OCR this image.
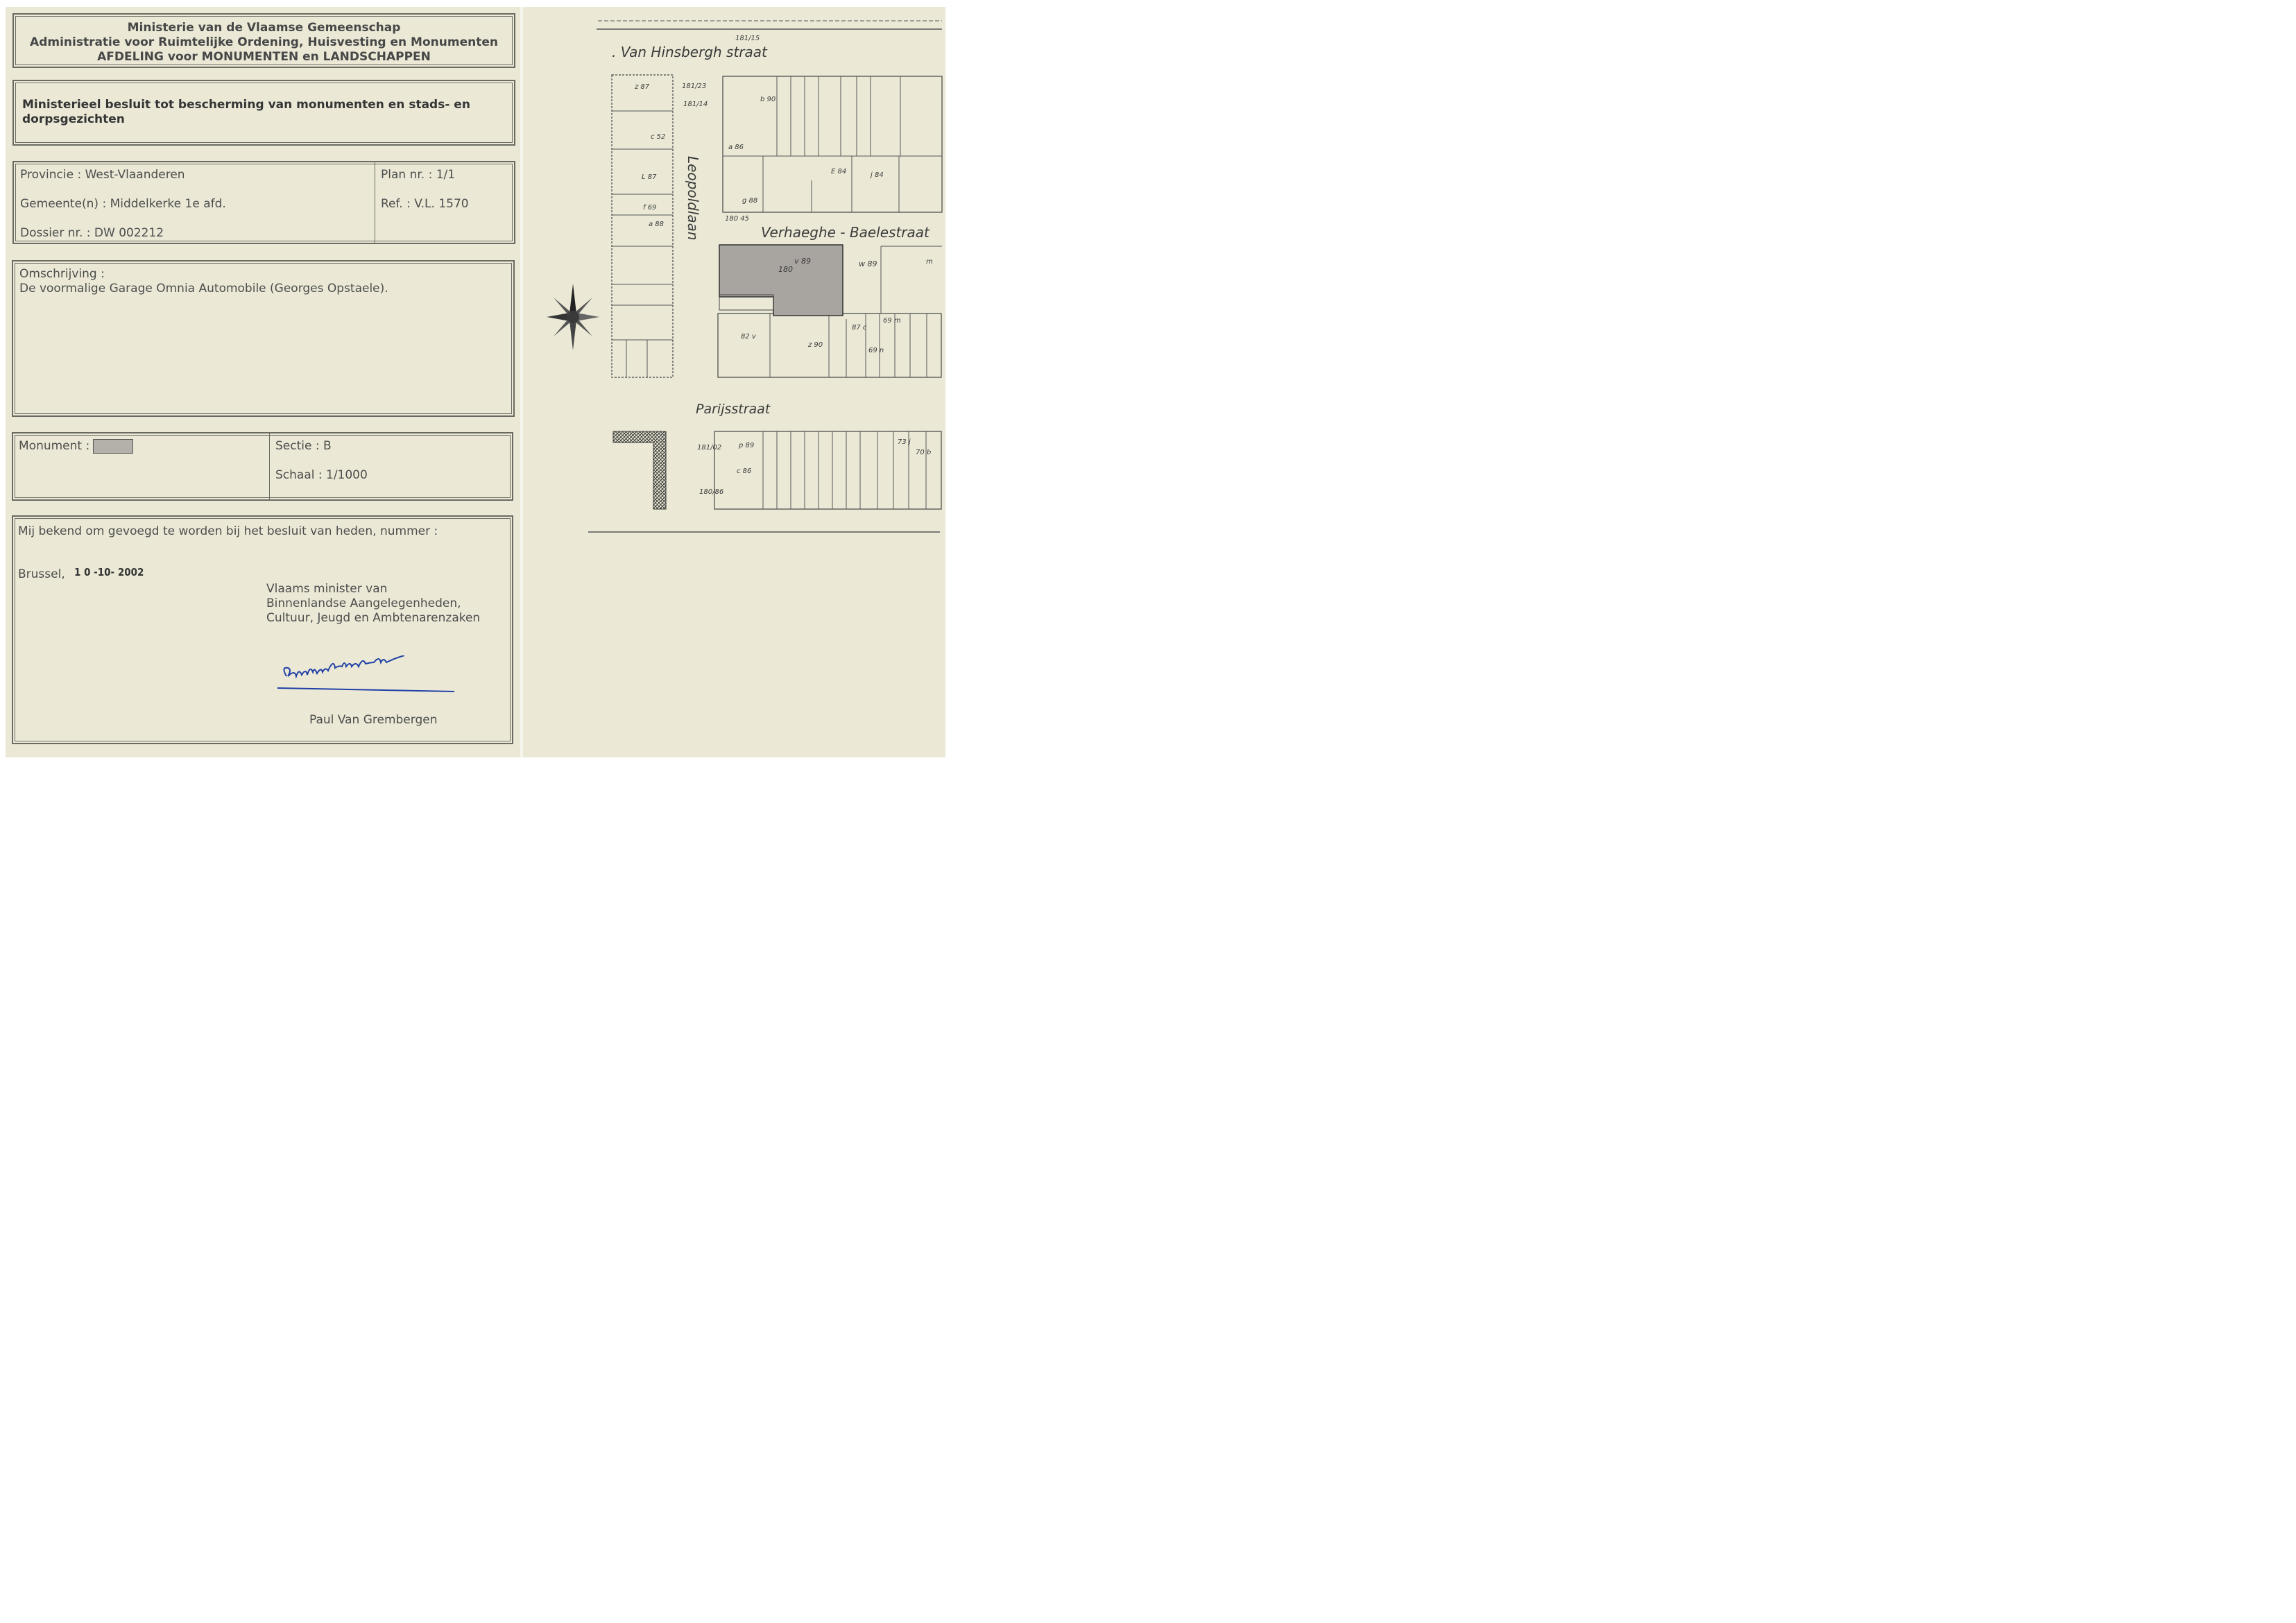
Ministerie van de Vlaamse Gemeenschap
Administratie voor Ruimtelijke Ordening, Huisvesting en Monumenten
AFDELING voor MONUMENTEN en LANDSCHAPPEN
Ministerieel besluit tot bescherming van monumenten en stads- en
dorpsgezichten
Provincie : West-Vlaanderen
Gemeente(n) : Middelkerke 1e afd.
Dossier nr. : DW 002212
Plan nr. : 1/1
Ref. : V.L. 1570
Omschrijving :
De voormalige Garage Omnia Automobile (Georges Opstaele).
Monument :	Sectie : B
Schaal : 1/1000
Mij bekend om gevoegd te worden bij het besluit van heden, nummer :
Brussel, 1 0 -10- 2002
Vlaams minister van
Binnenlandse Aangelegenheden,
Cultuur, Jeugd en Ambtenarenzaken
Paul Van Grembergen
. Van Hinsbergh straat
Leopoldlaan	Verhaeghe - Baelestraat
Parijsstraat
180
181/15
181/23
181/14
v 89	w 89	m
z 87
c 52
L 87
f 69
a 88
180 45
b 90
a 86
j 84
E 84
z 90
82 v
87 c
69 m
69 n
p 89
c 86
g 88
181/02
180/86
73 j
70 b
